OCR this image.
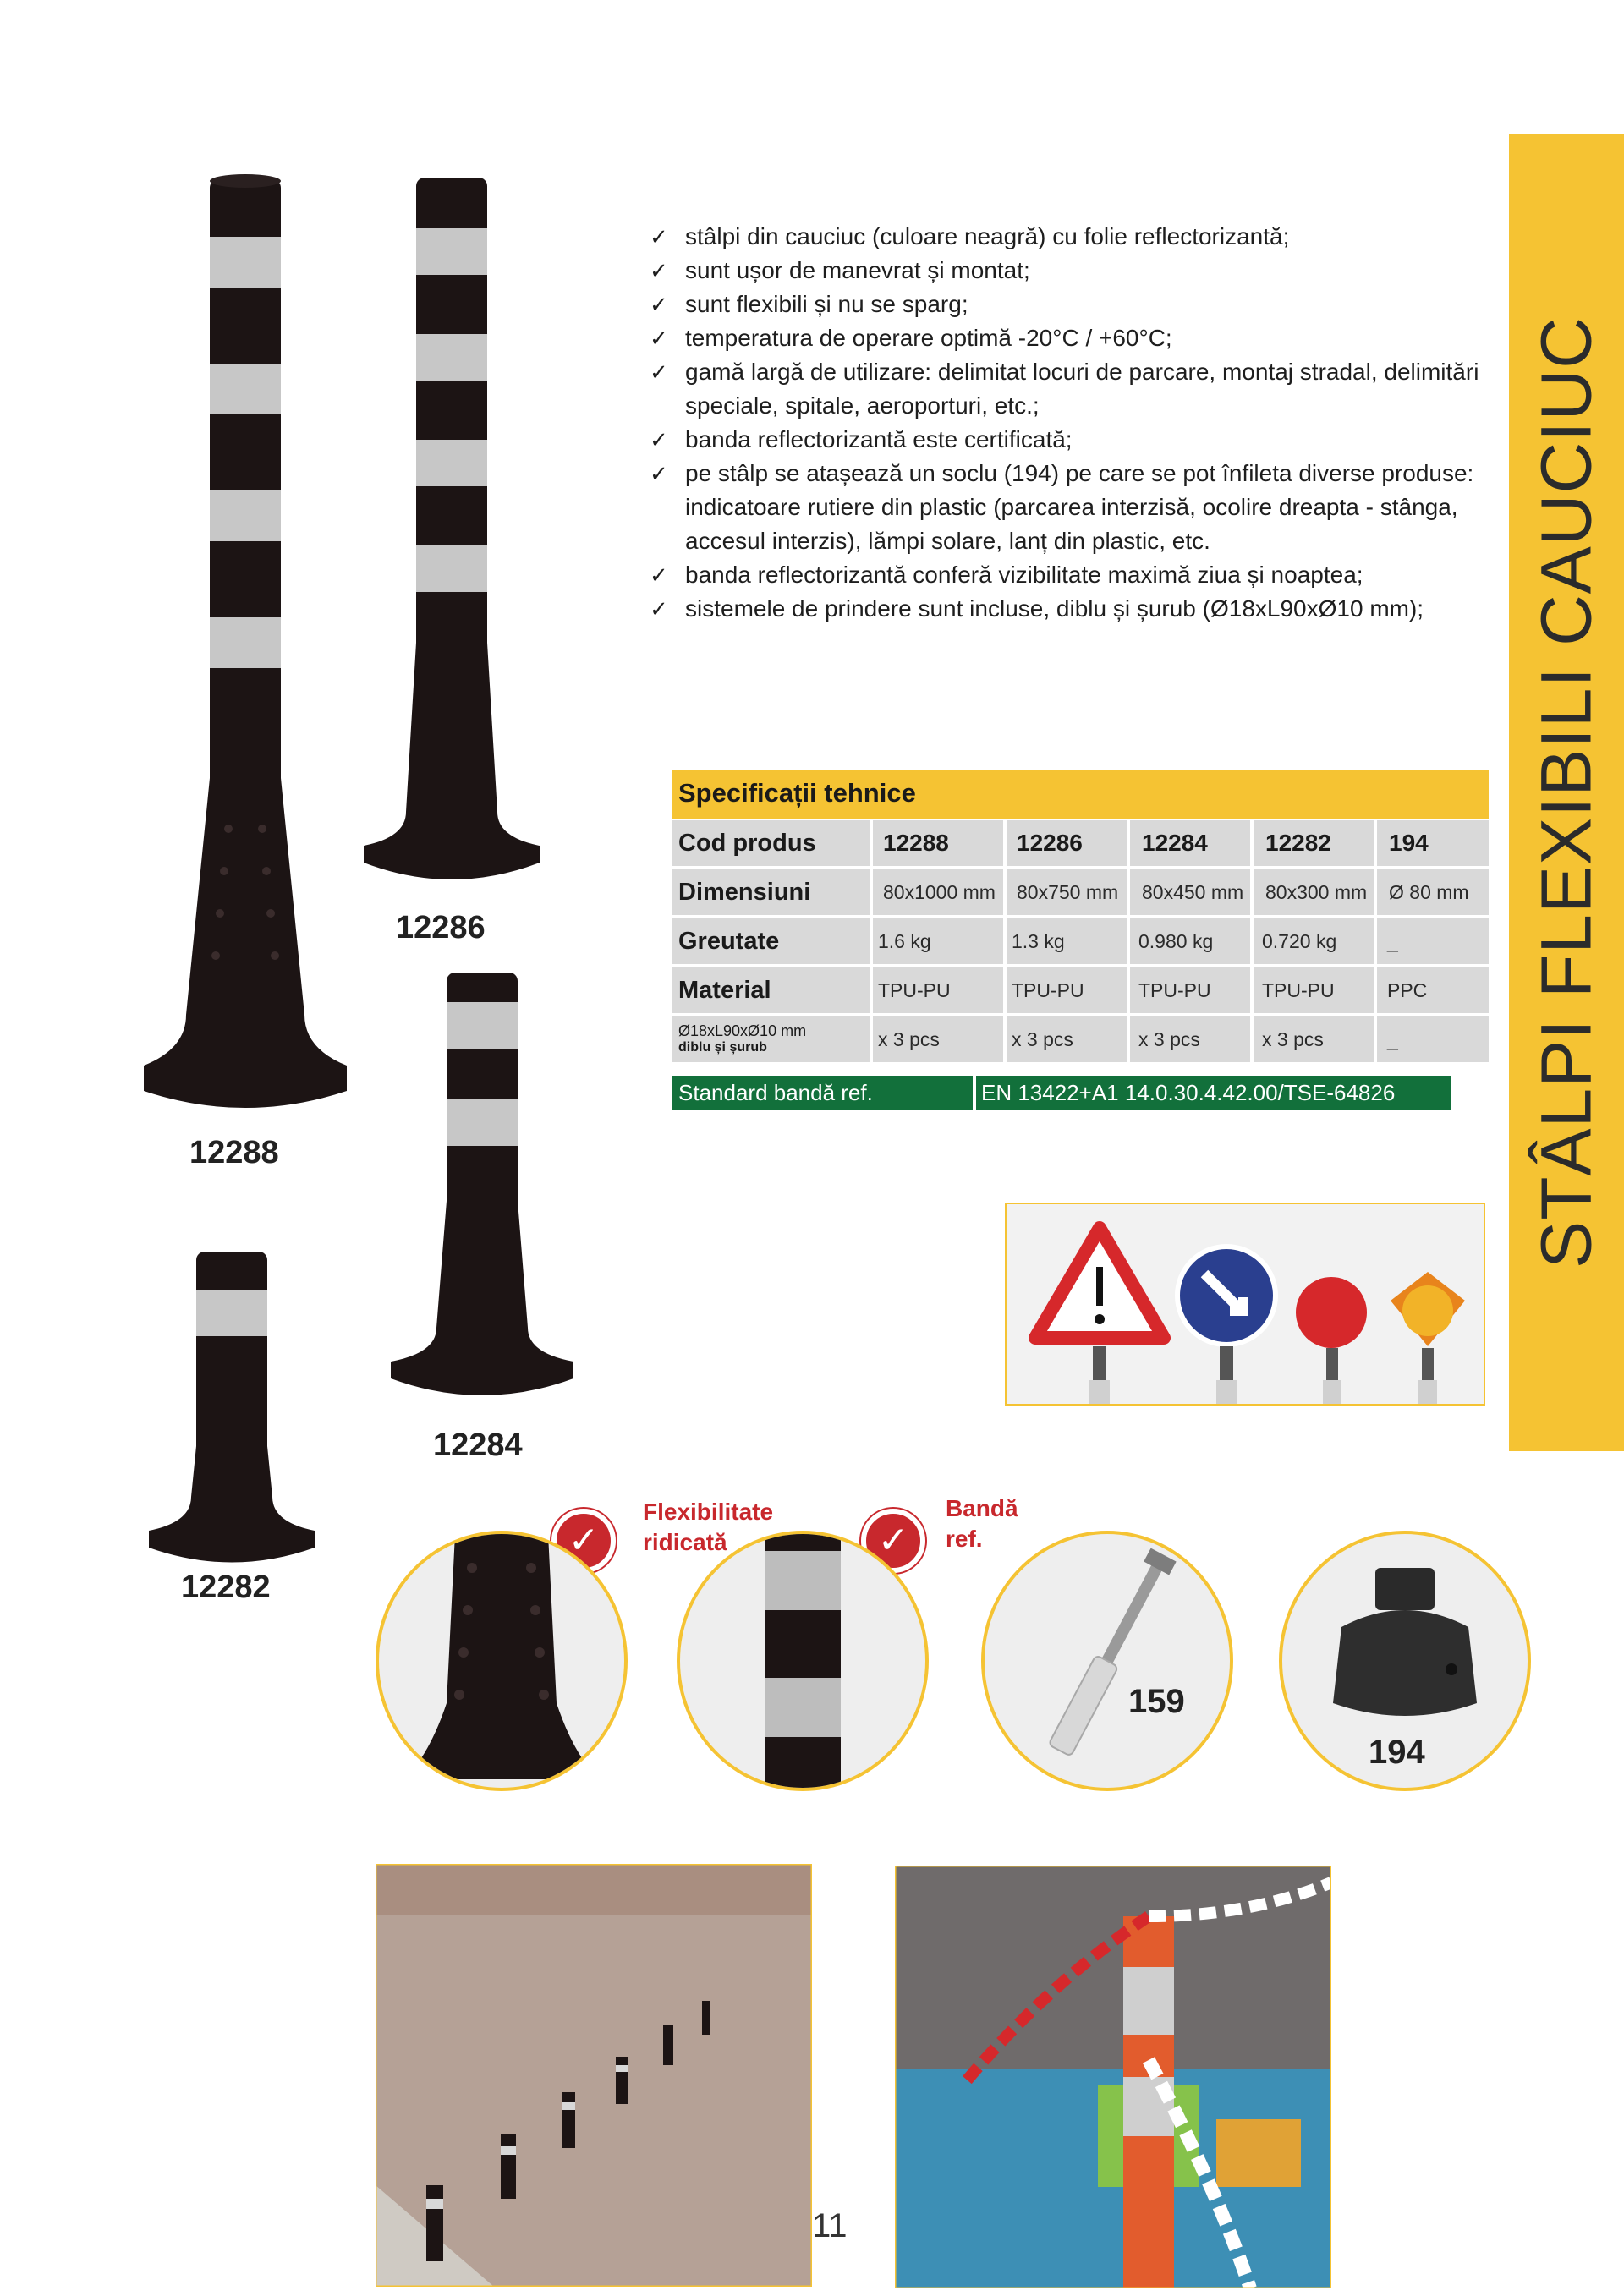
STÂLPI FLEXIBILI CAUCIUC
12286
12288
12284
12282
✓ stâlpi din cauciuc (culoare neagră) cu folie reflectorizantă;
✓ sunt ușor de manevrat și montat;
✓ sunt flexibili și nu se sparg;
✓ temperatura de operare optimă -20°C / +60°C;
✓ gamă largă de utilizare: delimitat locuri de parcare, montaj stradal, delimitări speciale, spitale, aeroporturi, etc.;
✓ banda reflectorizantă este certificată;
✓ pe stâlp se atașează un soclu (194) pe care se pot înfileta diverse produse: indicatoare rutiere din plastic (parcarea interzisă, ocolire dreapta - stânga, accesul interzis), lămpi solare, lanț din plastic, etc.
✓ banda reflectorizantă conferă vizibilitate maximă ziua și noaptea;
✓ sistemele de prindere sunt incluse, diblu și șurub (Ø18xL90xØ10 mm);
Specificații tehnice
Cod produs	12288	12286	12284 12282 194
Dimensiuni	80x1000 mm 80x750 mm 80x450 mm 80x300 mm Ø 80 mm
Greutate	1.6 kg	1.3 kg	0.980 kg	0.720 kg	_
Material	TPU-PU	TPU-PU	TPU-PU	TPU-PU	PPC
Ø18xL90xØ10 mm
diblu și șurub	x 3 pcs	x 3 pcs	x 3 pcs	x 3 pcs	_
Standard bandă ref.	EN 13422+A1 14.0.30.4.42.00/TSE-64826
✓
Flexibilitate
ridicată	✓
Bandă
ref.
159
194
11
